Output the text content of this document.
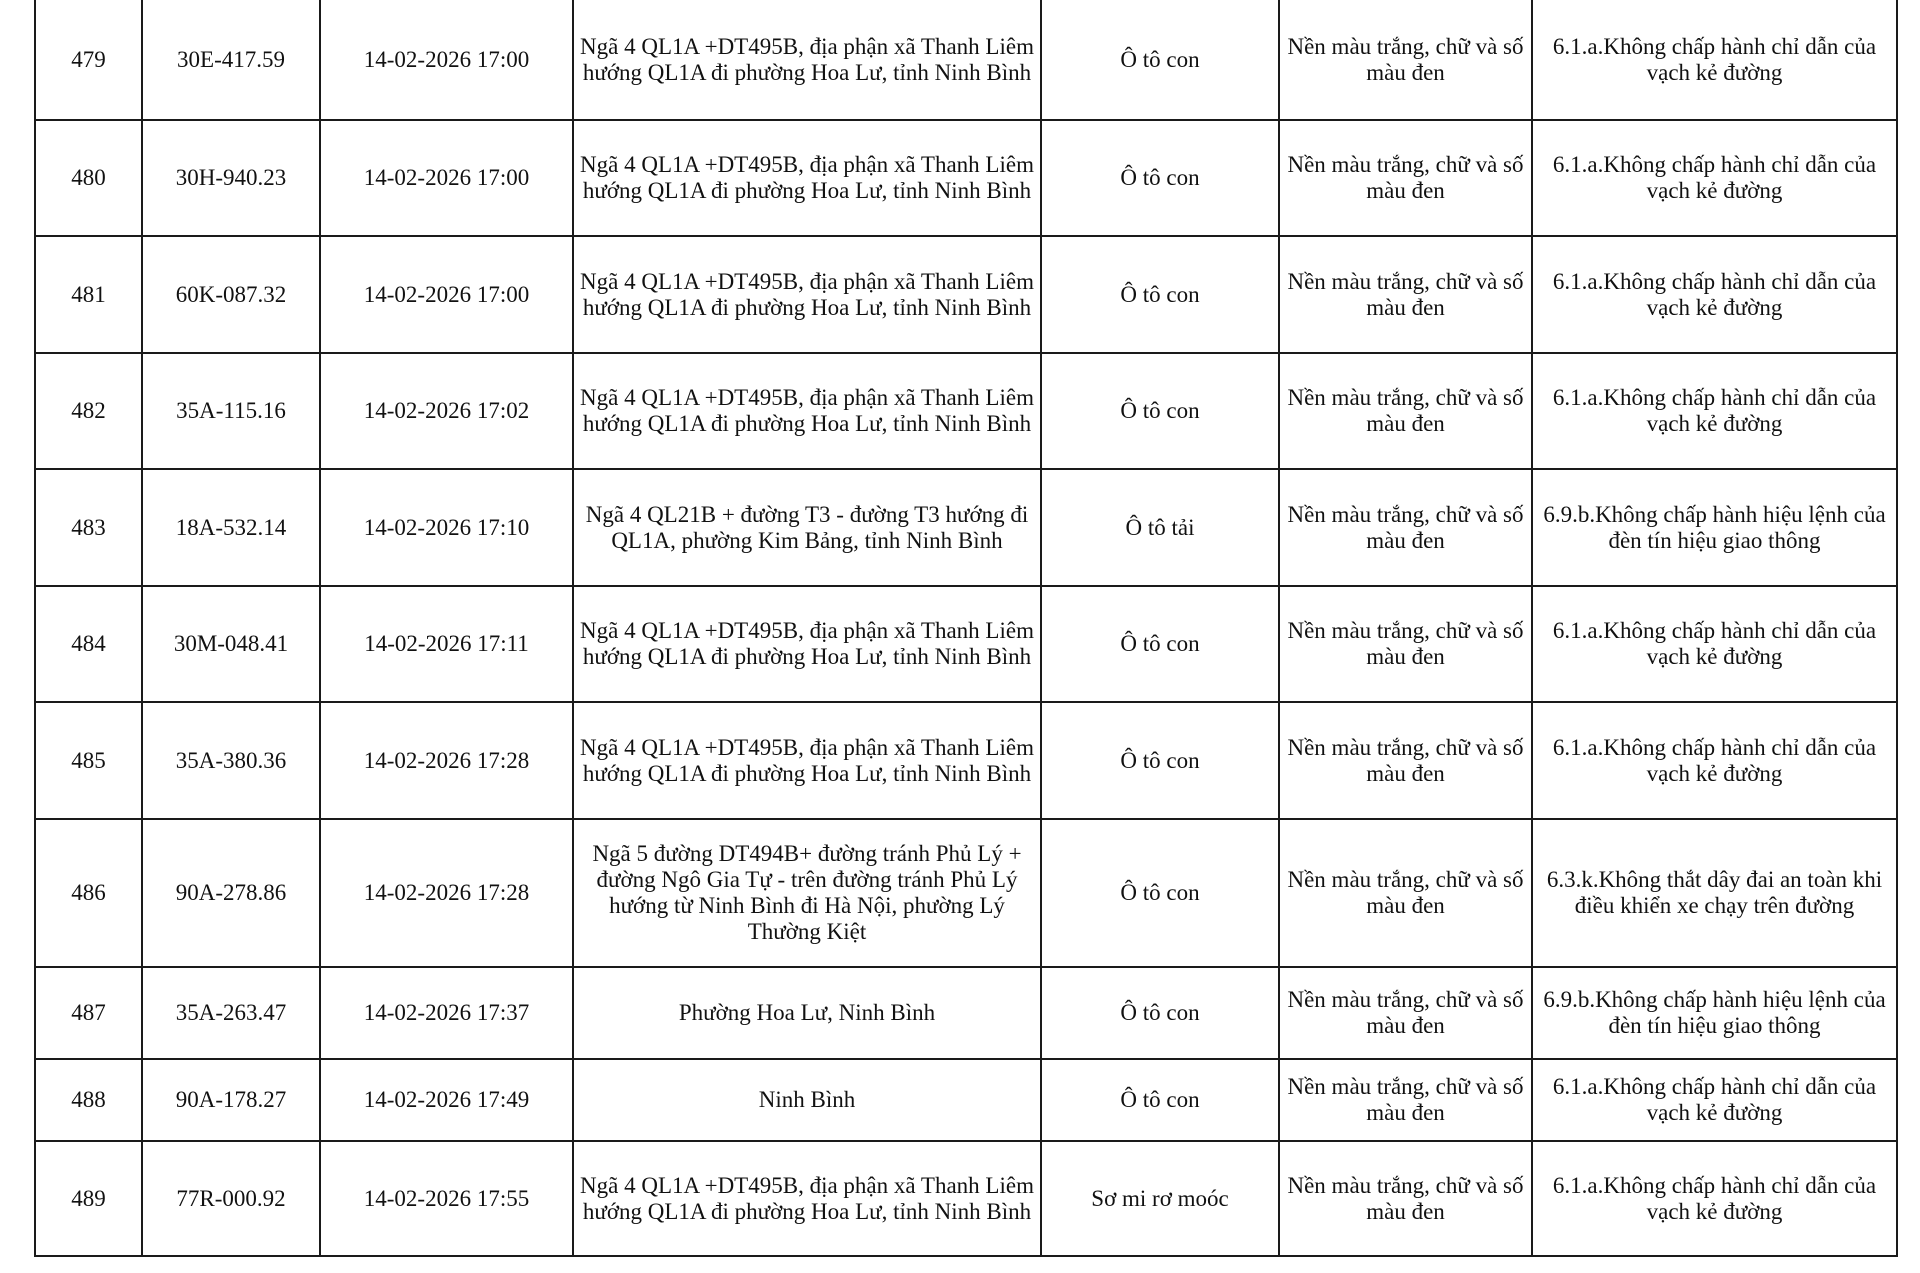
479	30E-417.59	14-02-2026 17:00	Ngã 4 QL1A +DT495B, địa phận xã Thanh Liêm hướng QL1A đi phường Hoa Lư, tỉnh Ninh Bình	Ô tô con	Nền màu trắng, chữ và số màu đen	6.1.a.Không chấp hành chỉ dẫn của vạch kẻ đường
480	30H-940.23	14-02-2026 17:00	Ngã 4 QL1A +DT495B, địa phận xã Thanh Liêm hướng QL1A đi phường Hoa Lư, tỉnh Ninh Bình	Ô tô con	Nền màu trắng, chữ và số màu đen	6.1.a.Không chấp hành chỉ dẫn của vạch kẻ đường
481	60K-087.32	14-02-2026 17:00	Ngã 4 QL1A +DT495B, địa phận xã Thanh Liêm hướng QL1A đi phường Hoa Lư, tỉnh Ninh Bình	Ô tô con	Nền màu trắng, chữ và số màu đen	6.1.a.Không chấp hành chỉ dẫn của vạch kẻ đường
482	35A-115.16	14-02-2026 17:02	Ngã 4 QL1A +DT495B, địa phận xã Thanh Liêm hướng QL1A đi phường Hoa Lư, tỉnh Ninh Bình	Ô tô con	Nền màu trắng, chữ và số màu đen	6.1.a.Không chấp hành chỉ dẫn của vạch kẻ đường
483	18A-532.14	14-02-2026 17:10	Ngã 4 QL21B + đường T3 - đường T3 hướng đi QL1A, phường Kim Bảng, tỉnh Ninh Bình	Ô tô tải	Nền màu trắng, chữ và số màu đen	6.9.b.Không chấp hành hiệu lệnh của đèn tín hiệu giao thông
484	30M-048.41	14-02-2026 17:11	Ngã 4 QL1A +DT495B, địa phận xã Thanh Liêm hướng QL1A đi phường Hoa Lư, tỉnh Ninh Bình	Ô tô con	Nền màu trắng, chữ và số màu đen	6.1.a.Không chấp hành chỉ dẫn của vạch kẻ đường
485	35A-380.36	14-02-2026 17:28	Ngã 4 QL1A +DT495B, địa phận xã Thanh Liêm hướng QL1A đi phường Hoa Lư, tỉnh Ninh Bình	Ô tô con	Nền màu trắng, chữ và số màu đen	6.1.a.Không chấp hành chỉ dẫn của vạch kẻ đường
486	90A-278.86	14-02-2026 17:28	Ngã 5 đường DT494B+ đường tránh Phủ Lý + đường Ngô Gia Tự - trên đường tránh Phủ Lý hướng từ Ninh Bình đi Hà Nội, phường Lý Thường Kiệt	Ô tô con	Nền màu trắng, chữ và số màu đen	6.3.k.Không thắt dây đai an toàn khi điều khiển xe chạy trên đường
487	35A-263.47	14-02-2026 17:37	Phường Hoa Lư, Ninh Bình	Ô tô con	Nền màu trắng, chữ và số màu đen	6.9.b.Không chấp hành hiệu lệnh của đèn tín hiệu giao thông
488	90A-178.27	14-02-2026 17:49	Ninh Bình	Ô tô con	Nền màu trắng, chữ và số màu đen	6.1.a.Không chấp hành chỉ dẫn của vạch kẻ đường
489	77R-000.92	14-02-2026 17:55	Ngã 4 QL1A +DT495B, địa phận xã Thanh Liêm hướng QL1A đi phường Hoa Lư, tỉnh Ninh Bình	Sơ mi rơ moóc	Nền màu trắng, chữ và số màu đen	6.1.a.Không chấp hành chỉ dẫn của vạch kẻ đường
